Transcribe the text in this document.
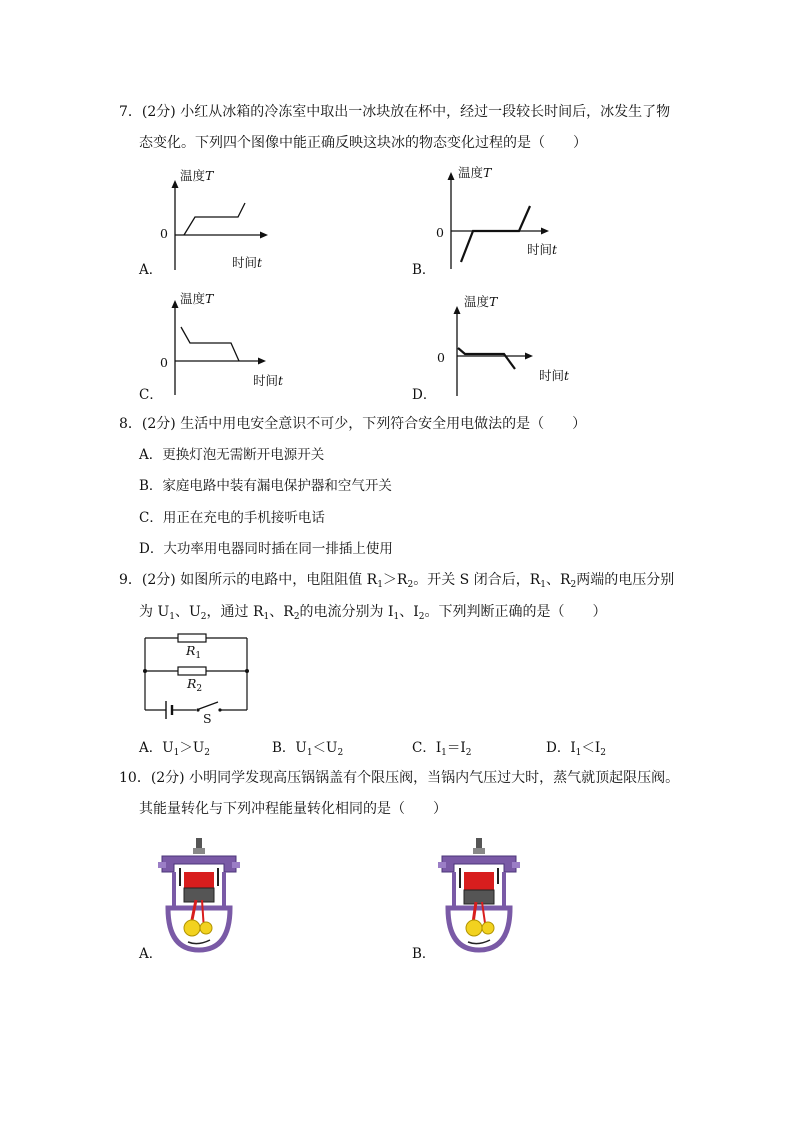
7．(2分) 小红从冰箱的冷冻室中取出一冰块放在杯中，经过一段较长时间后，冰发生了物
态变化。下列四个图像中能正确反映这块冰的物态变化过程的是（　　）
温度T
0
时间t
A．
温度T
0
时间t
B．
温度T
0
时间t
C．
温度T
0
时间t
D．
8．(2分) 生活中用电安全意识不可少，下列符合安全用电做法的是（　　）
A．更换灯泡无需断开电源开关
B．家庭电路中装有漏电保护器和空气开关
C．用正在充电的手机接听电话
D．大功率用电器同时插在同一排插上使用
9．(2分) 如图所示的电路中，电阻阻值 $R_1>R_2$。开关 S 闭合后，$R_1$、$R_2$两端的电压分别
为 $U_1$、$U_2$，通过 $R_1$、$R_2$的电流分别为 $I_1$、$I_2$。下列判断正确的是（　　）
$R_1$
$R_2$
S
A．$U_1>U_2$	B．$U_1<U_2$	C．$I_1=I_2$	D．$I_1<I_2$
10．(2分) 小明同学发现高压锅锅盖有个限压阀，当锅内气压过大时，蒸气就顶起限压阀。
其能量转化与下列冲程能量转化相同的是（　　）
A．	B．
